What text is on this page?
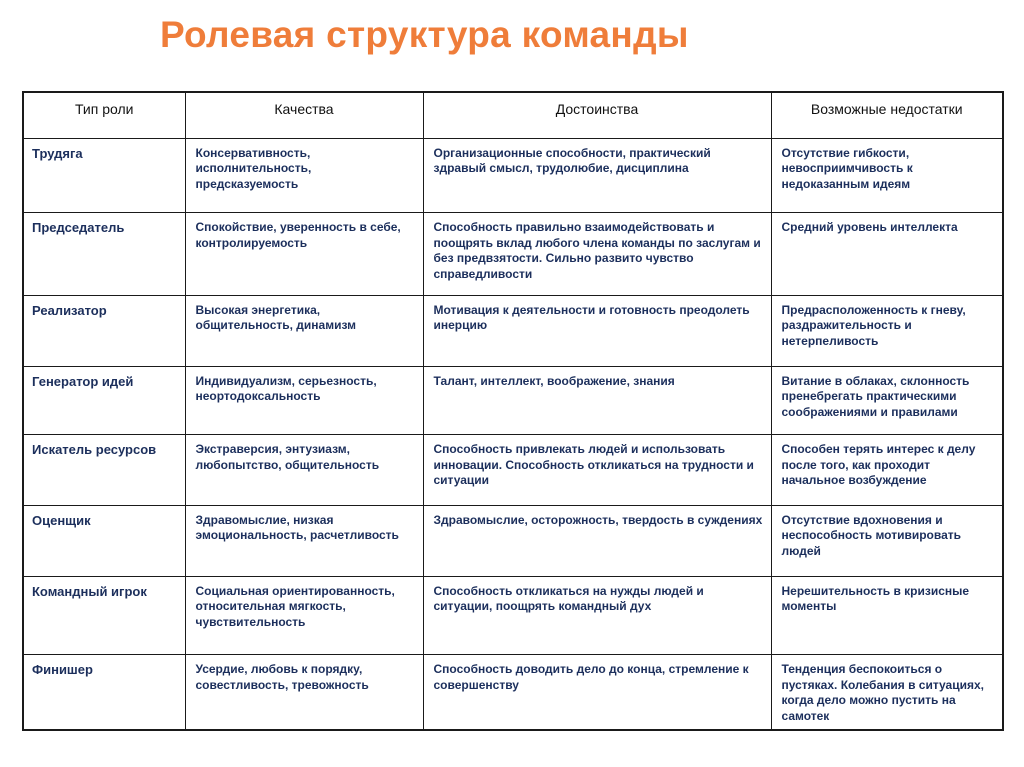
Ролевая структура команды
Тип роли	Качества	Достоинства	Возможные недостатки
Трудяга	Консервативность, исполнительность, предсказуемость	Организационные способности, практический здравый смысл, трудолюбие, дисциплина	Отсутствие гибкости, невосприимчивость к недоказанным идеям
Председатель	Спокойствие, уверенность в себе, контролируемость	Способность правильно взаимодействовать и поощрять вклад любого члена команды по заслугам и без предвзятости. Сильно развито чувство справедливости	Средний уровень интеллекта
Реализатор	Высокая энергетика, общительность, динамизм	Мотивация к деятельности и готовность преодолеть инерцию	Предрасположенность к гневу, раздражительность и нетерпеливость
Генератор идей	Индивидуализм, серьезность, неортодоксальность	Талант, интеллект, воображение, знания	Витание в облаках, склонность пренебрегать практическими соображениями и правилами
Искатель ресурсов	Экстраверсия, энтузиазм, любопытство, общительность	Способность привлекать людей и использовать инновации. Способность откликаться на трудности и ситуации	Способен терять интерес к делу после того, как проходит начальное возбуждение
Оценщик	Здравомыслие, низкая эмоциональность, расчетливость	Здравомыслие, осторожность, твердость в суждениях	Отсутствие вдохновения и неспособность мотивировать людей
Командный игрок	Социальная ориентированность, относительная мягкость, чувствительность	Способность откликаться на нужды людей и ситуации, поощрять командный дух	Нерешительность в кризисные моменты
Финишер	Усердие, любовь к порядку, совестливость, тревожность	Способность доводить дело до конца, стремление к совершенству	Тенденция беспокоиться о пустяках. Колебания в ситуациях, когда дело можно пустить на самотек
